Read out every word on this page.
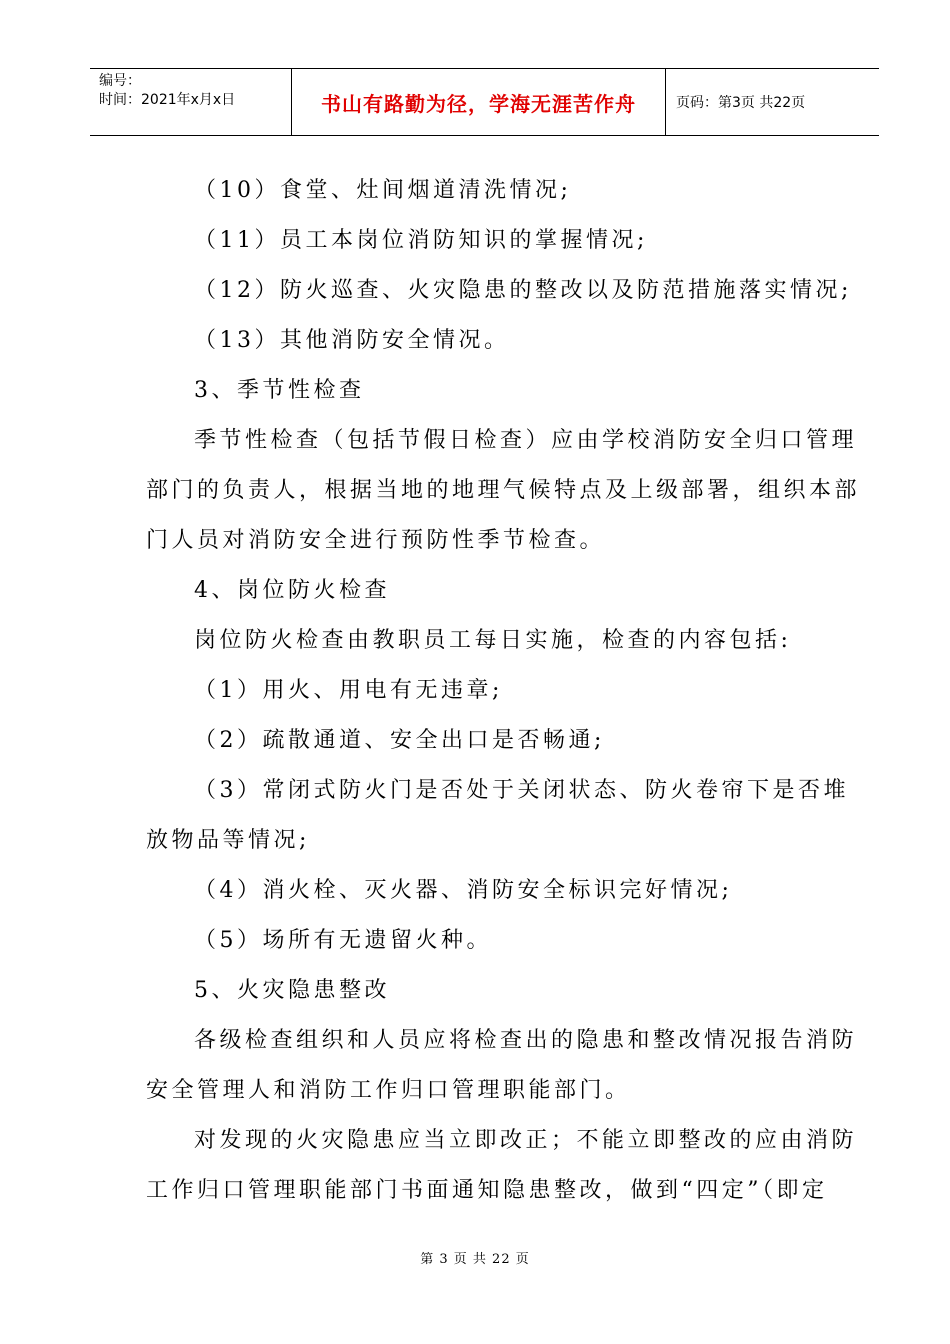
编号：
时间：2021年x月x日	书山有路勤为径，学海无涯苦作舟	页码：第3页 共22页

（10）食堂、灶间烟道清洗情况;

（11）员工本岗位消防知识的掌握情况;

（12）防火巡查、火灾隐患的整改以及防范措施落实情况;

（13）其他消防安全情况。

3、季节性检查

季节性检查（包括节假日检查）应由学校消防安全归口管理

部门的负责人，根据当地的地理气候特点及上级部署，组织本部

门人员对消防安全进行预防性季节检查。

4、岗位防火检查

岗位防火检查由教职员工每日实施，检查的内容包括:

（1）用火、用电有无违章;

（2）疏散通道、安全出口是否畅通;

（3）常闭式防火门是否处于关闭状态、防火卷帘下是否堆

放物品等情况;

（4）消火栓、灭火器、消防安全标识完好情况;

（5）场所有无遗留火种。

5、火灾隐患整改

各级检查组织和人员应将检查出的隐患和整改情况报告消防

安全管理人和消防工作归口管理职能部门。

对发现的火灾隐患应当立即改正；不能立即整改的应由消防

工作归口管理职能部门书面通知隐患整改，做到“四定”（即定

第 3 页 共 22 页
